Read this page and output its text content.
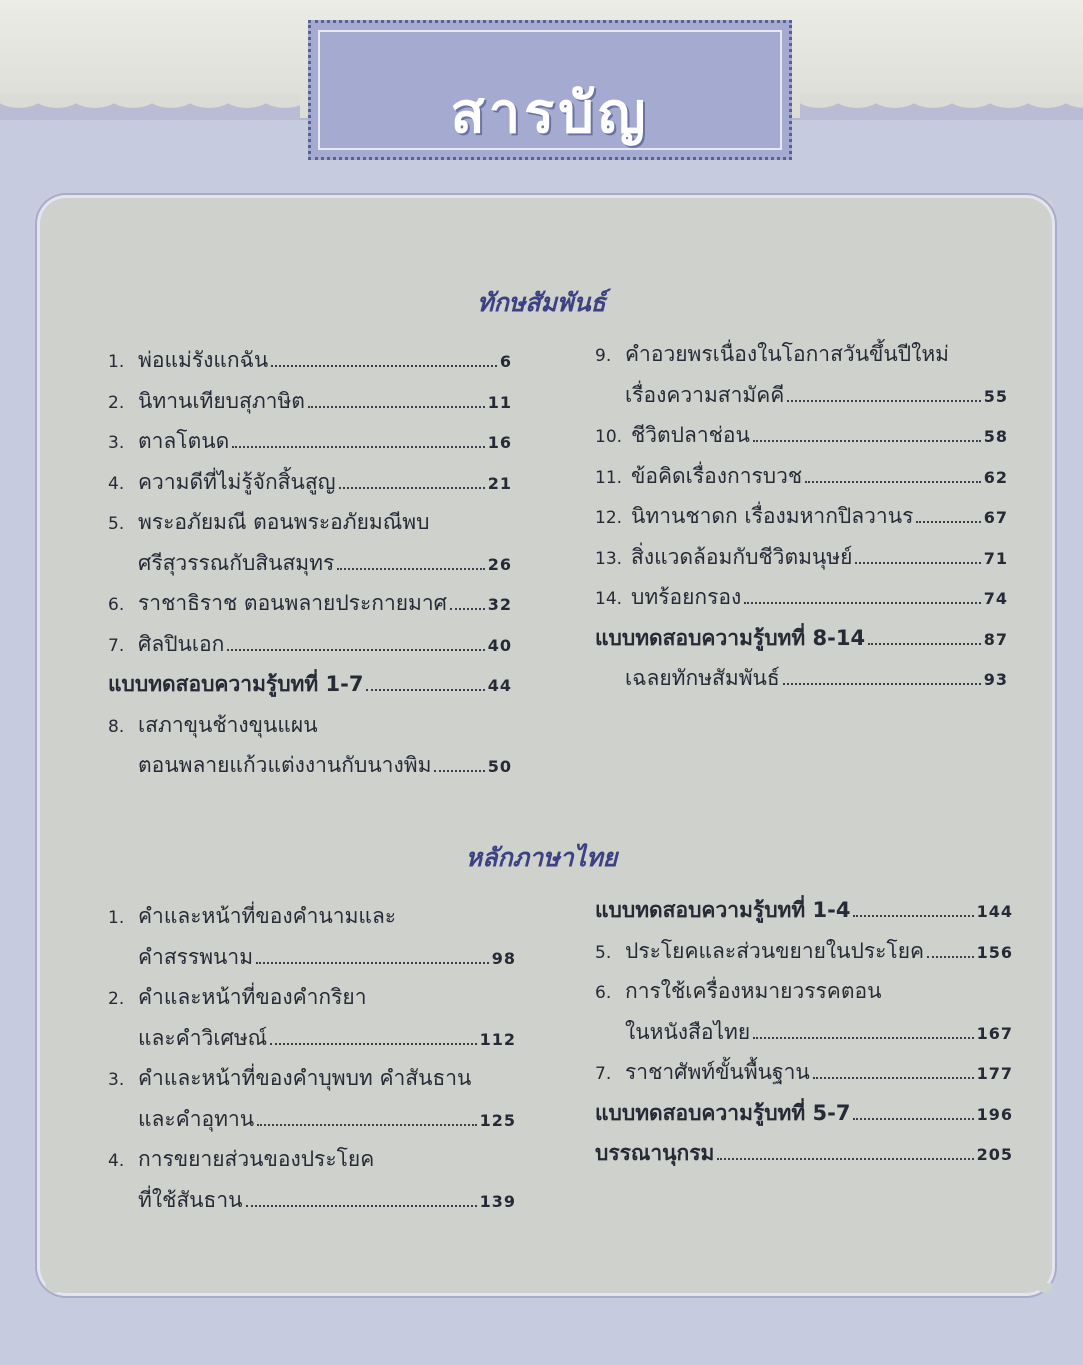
สารบัญ
ทักษสัมพันธ์
1. พ่อแม่รังแกฉัน	6
2. นิทานเทียบสุภาษิต	11
3. ตาลโตนด	16
4. ความดีที่ไม่รู้จักสิ้นสูญ	21
5. พระอภัยมณี ตอนพระอภัยมณีพบ
ศรีสุวรรณกับสินสมุทร	26
6. ราชาธิราช ตอนพลายประกายมาศ	32
7. ศิลปินเอก	40
แบบทดสอบความรู้บทที่ 1-7	44
8. เสภาขุนช้างขุนแผน
ตอนพลายแก้วแต่งงานกับนางพิม	50
9. คำอวยพรเนื่องในโอกาสวันขึ้นปีใหม่
เรื่องความสามัคคี	55
10. ชีวิตปลาช่อน	58
11. ข้อคิดเรื่องการบวช	62
12. นิทานชาดก เรื่องมหากปิลวานร	67
13. สิ่งแวดล้อมกับชีวิตมนุษย์	71
14. บทร้อยกรอง	74
แบบทดสอบความรู้บทที่ 8-14	87
เฉลยทักษสัมพันธ์	93
หลักภาษาไทย
1. คำและหน้าที่ของคำนามและ
คำสรรพนาม	98
2. คำและหน้าที่ของคำกริยา
และคำวิเศษณ์	112
3. คำและหน้าที่ของคำบุพบท คำสันธาน
และคำอุทาน	125
4. การขยายส่วนของประโยค
ที่ใช้สันธาน	139
แบบทดสอบความรู้บทที่ 1-4	144
5. ประโยคและส่วนขยายในประโยค	156
6. การใช้เครื่องหมายวรรคตอน
ในหนังสือไทย	167
7. ราชาศัพท์ขั้นพื้นฐาน	177
แบบทดสอบความรู้บทที่ 5-7	196
บรรณานุกรม	205
